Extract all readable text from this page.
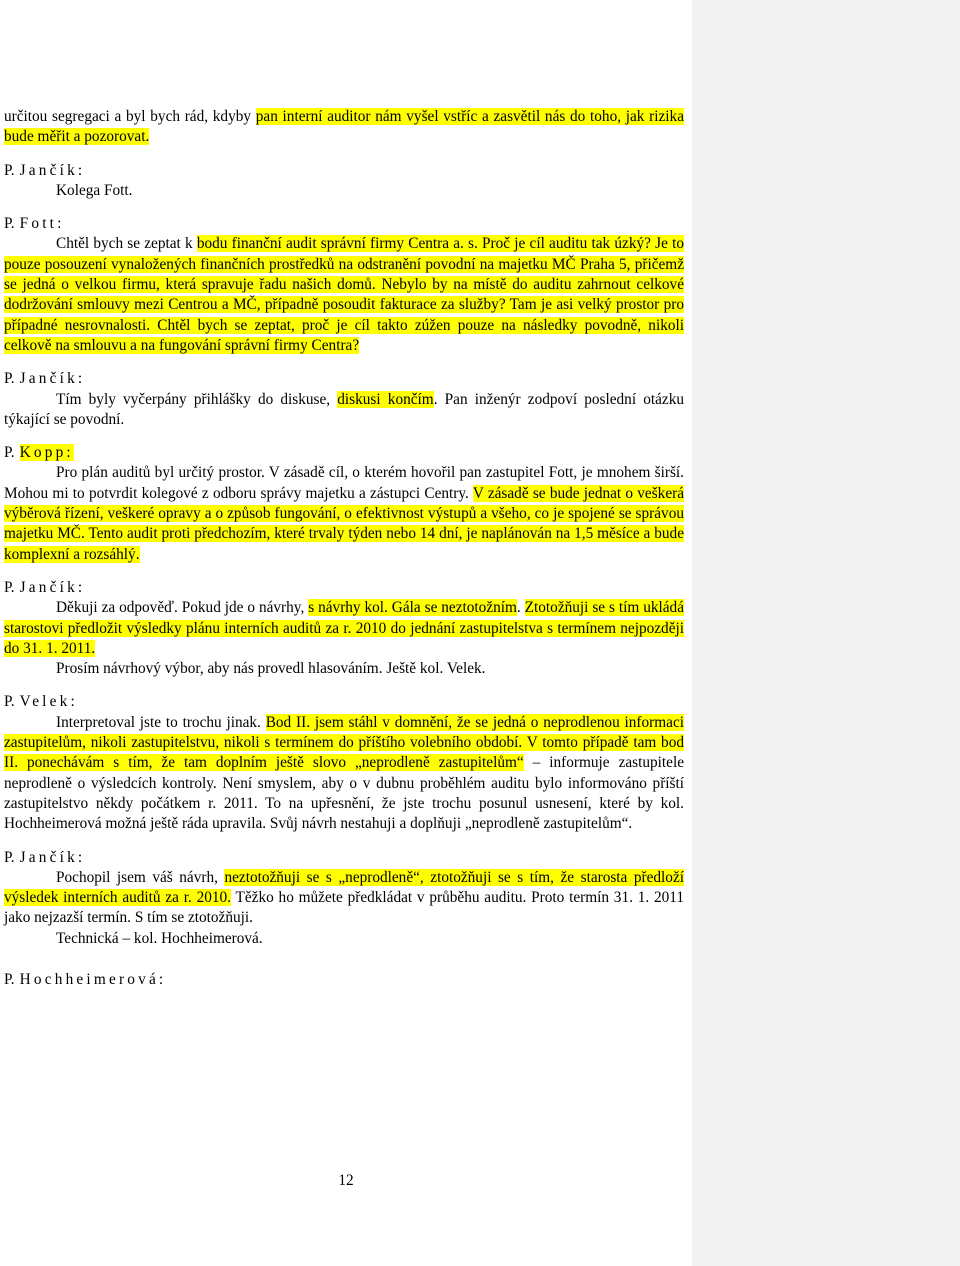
určitou segregaci a byl bych rád, kdyby pan interní auditor nám vyšel vstříc a zasvětil nás do toho, jak rizika bude měřit a pozorovat.

P. Jančík:

Kolega Fott.

P. Fott:

Chtěl bych se zeptat k bodu finanční audit správní firmy Centra a. s. Proč je cíl auditu tak úzký? Je to pouze posouzení vynaložených finančních prostředků na odstranění povodní na majetku MČ Praha 5, přičemž se jedná o velkou firmu, která spravuje řadu našich domů. Nebylo by na místě do auditu zahrnout celkové dodržování smlouvy mezi Centrou a MČ, případně posoudit fakturace za služby? Tam je asi velký prostor pro případné nesrovnalosti. Chtěl bych se zeptat, proč je cíl takto zúžen pouze na následky povodně, nikoli celkově na smlouvu a na fungování správní firmy Centra?

P. Jančík:

Tím byly vyčerpány přihlášky do diskuse, diskusi končím. Pan inženýr zodpoví poslední otázku týkající se povodní.

P. Kopp:

Pro plán auditů byl určitý prostor. V zásadě cíl, o kterém hovořil pan zastupitel Fott, je mnohem širší. Mohou mi to potvrdit kolegové z odboru správy majetku a zástupci Centry. V zásadě se bude jednat o veškerá výběrová řízení, veškeré opravy a o způsob fungování, o efektivnost výstupů a všeho, co je spojené se správou majetku MČ. Tento audit proti předchozím, které trvaly týden nebo 14 dní, je naplánován na 1,5 měsíce a bude komplexní a rozsáhlý.

P. Jančík:

Děkuji za odpověď. Pokud jde o návrhy, s návrhy kol. Gála se neztotožním. Ztotožňuji se s tím ukládá starostovi předložit výsledky plánu interních auditů za r. 2010 do jednání zastupitelstva s termínem nejpozději do 31. 1. 2011.

Prosím návrhový výbor, aby nás provedl hlasováním. Ještě kol. Velek.

P. Velek:

Interpretoval jste to trochu jinak. Bod II. jsem stáhl v domnění, že se jedná o neprodlenou informaci zastupitelům, nikoli zastupitelstvu, nikoli s termínem do příštího volebního období. V tomto případě tam bod II. ponechávám s tím, že tam doplním ještě slovo „neprodleně zastupitelům“ – informuje zastupitele neprodleně o výsledcích kontroly. Není smyslem, aby o v dubnu proběhlém auditu bylo informováno příští zastupitelstvo někdy počátkem r. 2011. To na upřesnění, že jste trochu posunul usnesení, které by kol. Hochheimerová možná ještě ráda upravila. Svůj návrh nestahuji a doplňuji „neprodleně zastupitelům“.

P. Jančík:

Pochopil jsem váš návrh, neztotožňuji se s „neprodleně“, ztotožňuji se s tím, že starosta předloží výsledek interních auditů za r. 2010. Těžko ho můžete předkládat v průběhu auditu. Proto termín 31. 1. 2011 jako nejzazší termín. S tím se ztotožňuji.

Technická – kol. Hochheimerová.

P. Hochheimerová:
12
